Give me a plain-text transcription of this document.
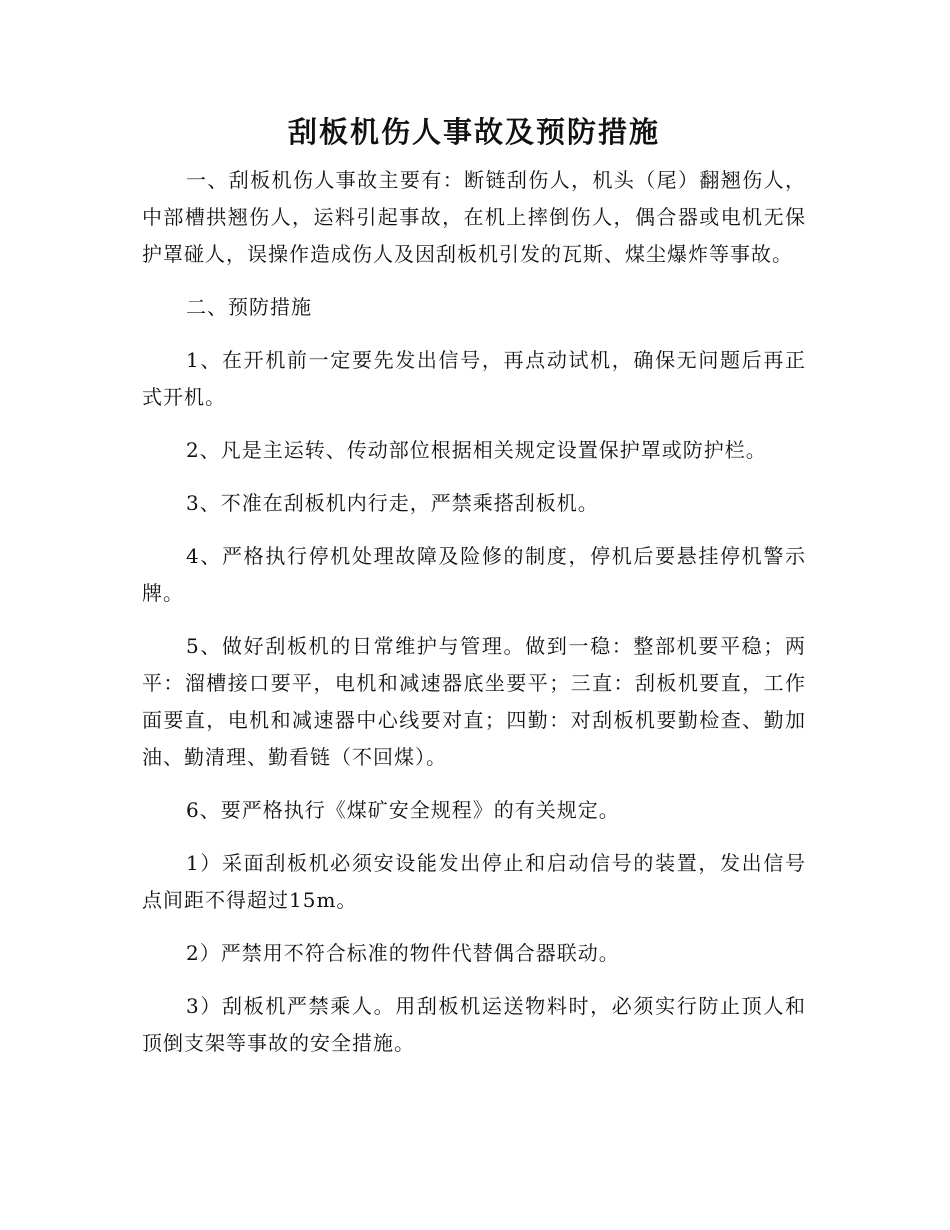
刮板机伤人事故及预防措施

一、刮板机伤人事故主要有：断链刮伤人，机头（尾）翻翘伤人，中部槽拱翘伤人，运料引起事故，在机上摔倒伤人，偶合器或电机无保护罩碰人，误操作造成伤人及因刮板机引发的瓦斯、煤尘爆炸等事故。

二、预防措施

1、在开机前一定要先发出信号，再点动试机，确保无问题后再正式开机。

2、凡是主运转、传动部位根据相关规定设置保护罩或防护栏。

3、不准在刮板机内行走，严禁乘搭刮板机。

4、严格执行停机处理故障及险修的制度，停机后要悬挂停机警示牌。

5、做好刮板机的日常维护与管理。做到一稳：整部机要平稳；两平：溜槽接口要平，电机和减速器底坐要平；三直：刮板机要直，工作面要直，电机和减速器中心线要对直；四勤：对刮板机要勤检查、勤加油、勤清理、勤看链（不回煤）。

6、要严格执行《煤矿安全规程》的有关规定。

1）采面刮板机必须安设能发出停止和启动信号的装置，发出信号点间距不得超过15m。

2）严禁用不符合标准的物件代替偶合器联动。

3）刮板机严禁乘人。用刮板机运送物料时，必须实行防止顶人和顶倒支架等事故的安全措施。
